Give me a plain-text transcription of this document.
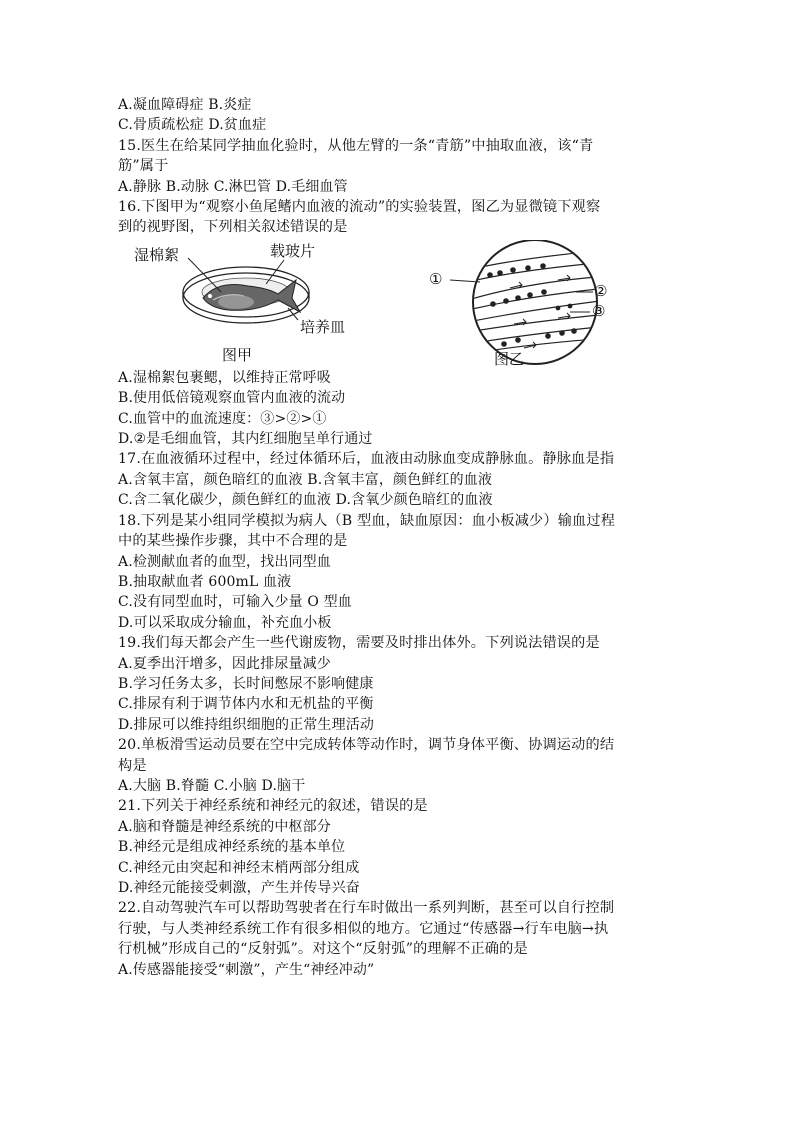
A.凝血障碍症 B.炎症
C.骨质疏松症 D.贫血症
15.医生在给某同学抽血化验时，从他左臂的一条“青筋”中抽取血液，该“青
筋”属于
A.静脉 B.动脉 C.淋巴管 D.毛细血管
16.下图甲为“观察小鱼尾鳍内血液的流动”的实验装置，图乙为显微镜下观察
到的视野图，下列相关叙述错误的是
湿棉絮	载玻片
培养皿
图甲
①
②
③
图乙
A.湿棉絮包裹鳃，以维持正常呼吸
B.使用低倍镜观察血管内血液的流动
C.血管中的血流速度：③>②>①
D.②是毛细血管，其内红细胞呈单行通过
17.在血液循环过程中，经过体循环后，血液由动脉血变成静脉血。静脉血是指
A.含氧丰富，颜色暗红的血液 B.含氧丰富，颜色鲜红的血液
C.含二氧化碳少，颜色鲜红的血液 D.含氧少颜色暗红的血液
18.下列是某小组同学模拟为病人（B 型血，缺血原因：血小板减少）输血过程
中的某些操作步骤，其中不合理的是
A.检测献血者的血型，找出同型血
B.抽取献血者 600mL 血液
C.没有同型血时，可输入少量 O 型血
D.可以采取成分输血，补充血小板
19.我们每天都会产生一些代谢废物，需要及时排出体外。下列说法错误的是
A.夏季出汗增多，因此排尿量减少
B.学习任务太多，长时间憋尿不影响健康
C.排尿有利于调节体内水和无机盐的平衡
D.排尿可以维持组织细胞的正常生理活动
20.单板滑雪运动员要在空中完成转体等动作时，调节身体平衡、协调运动的结
构是
A.大脑 B.脊髓 C.小脑 D.脑干
21.下列关于神经系统和神经元的叙述，错误的是
A.脑和脊髓是神经系统的中枢部分
B.神经元是组成神经系统的基本单位
C.神经元由突起和神经末梢两部分组成
D.神经元能接受刺激，产生并传导兴奋
22.自动驾驶汽车可以帮助驾驶者在行车时做出一系列判断，甚至可以自行控制
行驶，与人类神经系统工作有很多相似的地方。它通过“传感器→行车电脑→执
行机械”形成自己的“反射弧”。对这个“反射弧”的理解不正确的是
A.传感器能接受“刺激”，产生“神经冲动”
